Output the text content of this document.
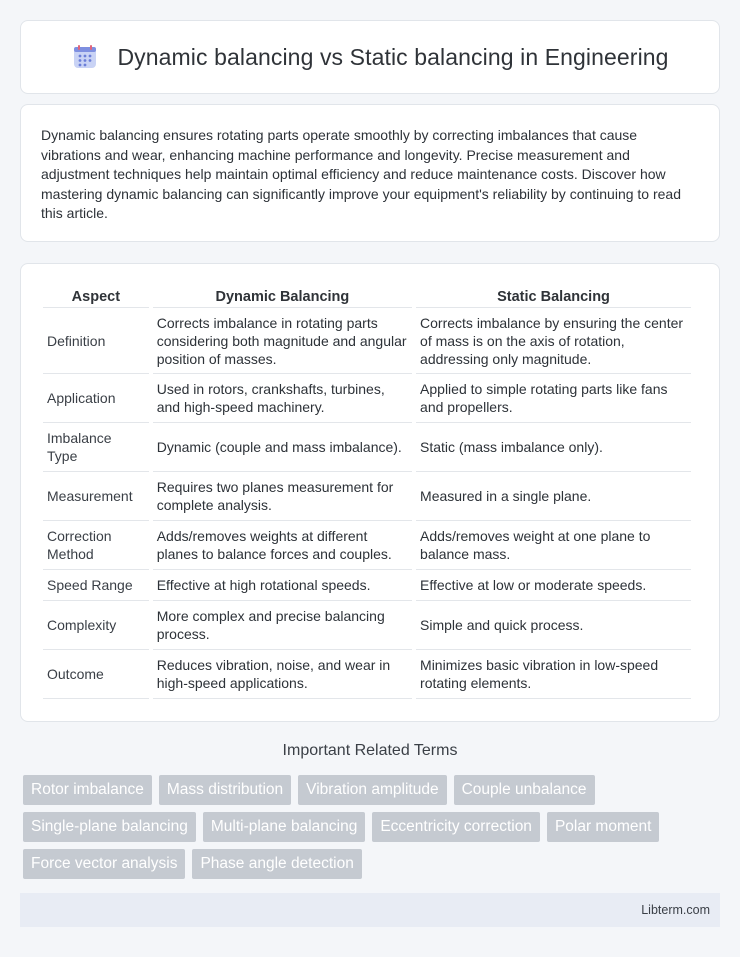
Dynamic balancing vs Static balancing in Engineering

Dynamic balancing ensures rotating parts operate smoothly by correcting imbalances that cause vibrations and wear, enhancing machine performance and longevity. Precise measurement and adjustment techniques help maintain optimal efficiency and reduce maintenance costs. Discover how mastering dynamic balancing can significantly improve your equipment's reliability by continuing to read this article.

Aspect	Dynamic Balancing	Static Balancing
Definition	Corrects imbalance in rotating parts considering both magnitude and angular position of masses.	Corrects imbalance by ensuring the center of mass is on the axis of rotation, addressing only magnitude.
Application	Used in rotors, crankshafts, turbines, and high-speed machinery.	Applied to simple rotating parts like fans and propellers.
Imbalance Type	Dynamic (couple and mass imbalance).	Static (mass imbalance only).
Measurement	Requires two planes measurement for complete analysis.	Measured in a single plane.
Correction Method	Adds/removes weights at different planes to balance forces and couples.	Adds/removes weight at one plane to balance mass.
Speed Range	Effective at high rotational speeds.	Effective at low or moderate speeds.
Complexity	More complex and precise balancing process.	Simple and quick process.
Outcome	Reduces vibration, noise, and wear in high-speed applications.	Minimizes basic vibration in low-speed rotating elements.
Important Related Terms
Rotor imbalance	Mass distribution	Vibration amplitude	Couple unbalance
Single-plane balancing	Multi-plane balancing	Eccentricity correction	Polar moment
Force vector analysis	Phase angle detection
Libterm.com
